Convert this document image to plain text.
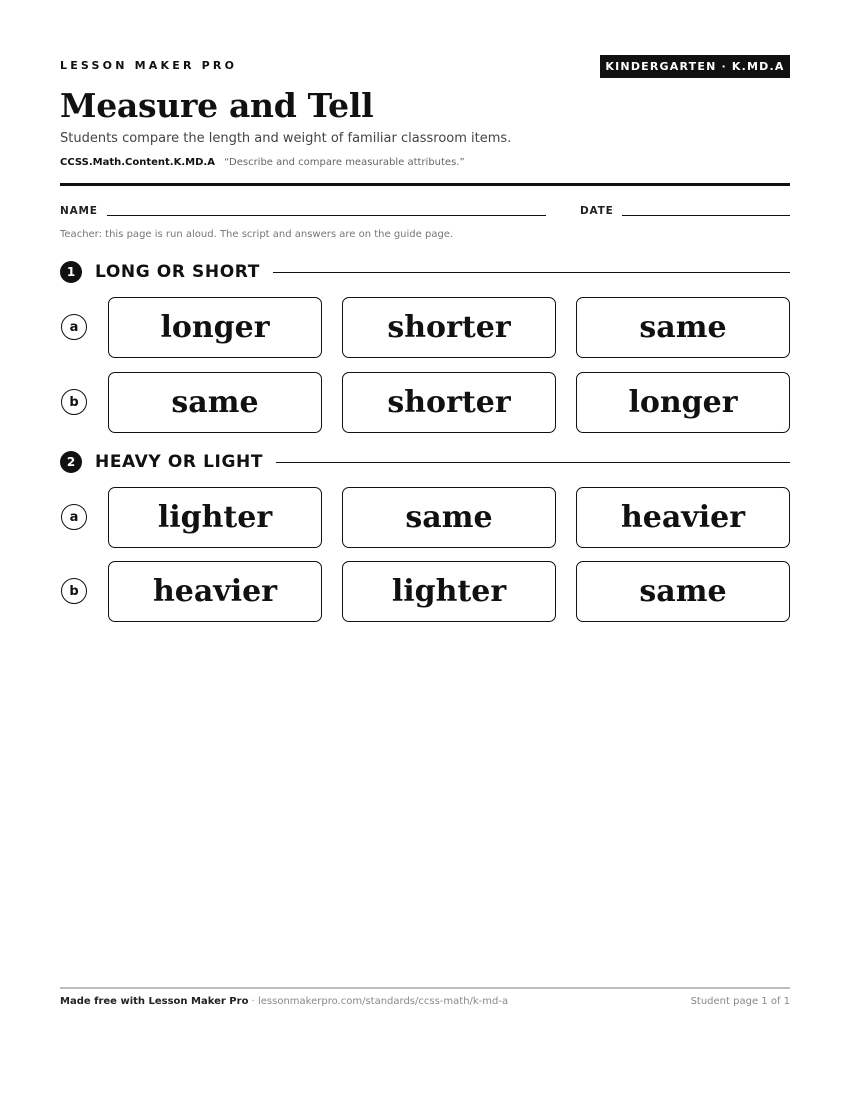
LESSON MAKER PRO	KINDERGARTEN · K.MD.A
Measure and Tell

Students compare the length and weight of familiar classroom items.

CCSS.Math.Content.K.MD.A “Describe and compare measurable attributes.”

NAME	DATE

Teacher: this page is run aloud. The script and answers are on the guide page.

1	LONG OR SHORT
a	longer	shorter	same
b	same	shorter	longer
2	HEAVY OR LIGHT
a	lighter	same	heavier
b	heavier	lighter	same

Made free with Lesson Maker Pro · lessonmakerpro.com/standards/ccss-math/k-md-a	Student page 1 of 1
